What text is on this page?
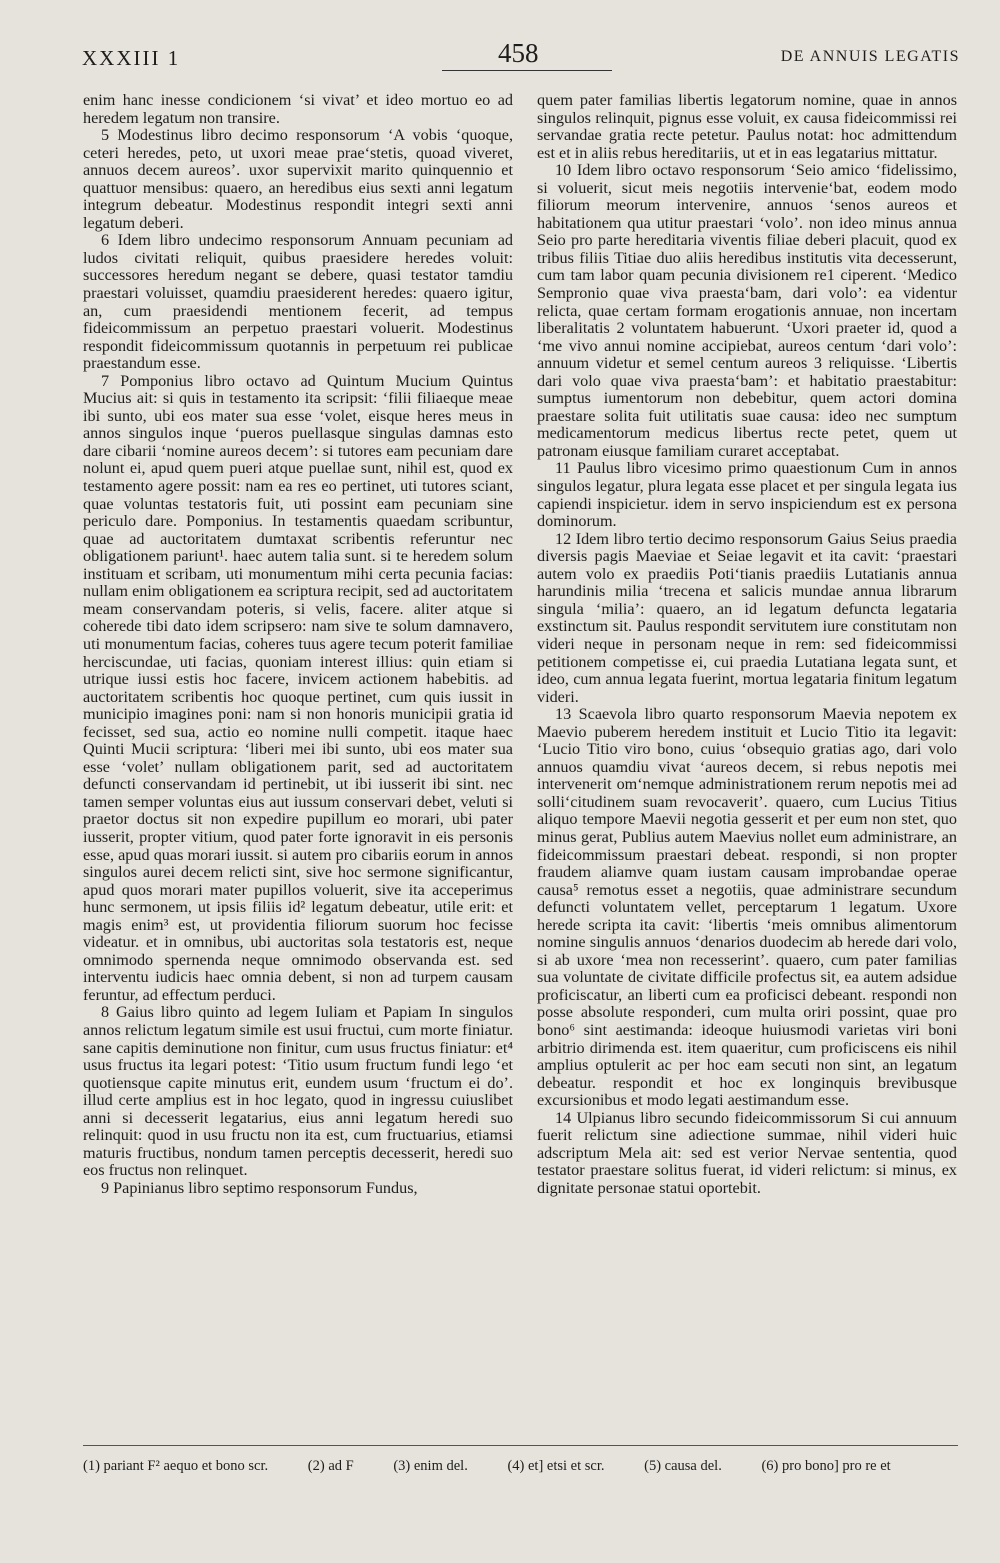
XXXIII 1	458	DE ANNUIS LEGATIS

enim hanc inesse condicionem ‘si vivat’ et ideo mortuo eo ad heredem legatum non transire.

5 Modestinus libro decimo responsorum ‘A vobis ‘quoque, ceteri heredes, peto, ut uxori meae prae‘stetis, quoad viveret, annuos decem aureos’. uxor supervixit marito quinquennio et quattuor mensibus: quaero, an heredibus eius sexti anni legatum integrum debeatur. Modestinus respondit integri sexti anni legatum deberi.

6 Idem libro undecimo responsorum Annuam pecuniam ad ludos civitati reliquit, quibus praesidere heredes voluit: successores heredum negant se debere, quasi testator tamdiu praestari voluisset, quamdiu praesiderent heredes: quaero igitur, an, cum praesidendi mentionem fecerit, ad tempus fideicommissum an perpetuo praestari voluerit. Modestinus respondit fideicommissum quotannis in perpetuum rei publicae praestandum esse.

7 Pomponius libro octavo ad Quintum Mucium Quintus Mucius ait: si quis in testamento ita scripsit: ‘filii filiaeque meae ibi sunto, ubi eos mater sua esse ‘volet, eisque heres meus in annos singulos inque ‘pueros puellasque singulas damnas esto dare cibarii ‘nomine aureos decem’: si tutores eam pecuniam dare nolunt ei, apud quem pueri atque puellae sunt, nihil est, quod ex testamento agere possit: nam ea res eo pertinet, uti tutores sciant, quae voluntas testatoris fuit, uti possint eam pecuniam sine periculo dare. Pomponius. In testamentis quaedam scribuntur, quae ad auctoritatem dumtaxat scribentis referuntur nec obligationem pariunt¹. haec autem talia sunt. si te heredem solum instituam et scribam, uti monumentum mihi certa pecunia facias: nullam enim obligationem ea scriptura recipit, sed ad auctoritatem meam conservandam poteris, si velis, facere. aliter atque si coherede tibi dato idem scripsero: nam sive te solum damnavero, uti monumentum facias, coheres tuus agere tecum poterit familiae herciscundae, uti facias, quoniam interest illius: quin etiam si utrique iussi estis hoc facere, invicem actionem habebitis. ad auctoritatem scribentis hoc quoque pertinet, cum quis iussit in municipio imagines poni: nam si non honoris municipii gratia id fecisset, sed sua, actio eo nomine nulli competit. itaque haec Quinti Mucii scriptura: ‘liberi mei ibi sunto, ubi eos mater sua esse ‘volet’ nullam obligationem parit, sed ad auctoritatem defuncti conservandam id pertinebit, ut ibi iusserit ibi sint. nec tamen semper voluntas eius aut iussum conservari debet, veluti si praetor doctus sit non expedire pupillum eo morari, ubi pater iusserit, propter vitium, quod pater forte ignoravit in eis personis esse, apud quas morari iussit. si autem pro cibariis eorum in annos singulos aurei decem relicti sint, sive hoc sermone significantur, apud quos morari mater pupillos voluerit, sive ita acceperimus hunc sermonem, ut ipsis filiis id² legatum debeatur, utile erit: et magis enim³ est, ut providentia filiorum suorum hoc fecisse videatur. et in omnibus, ubi auctoritas sola testatoris est, neque omnimodo spernenda neque omnimodo observanda est. sed interventu iudicis haec omnia debent, si non ad turpem causam feruntur, ad effectum perduci.

8 Gaius libro quinto ad legem Iuliam et Papiam In singulos annos relictum legatum simile est usui fructui, cum morte finiatur. sane capitis deminutione non finitur, cum usus fructus finiatur: et⁴ usus fructus ita legari potest: ‘Titio usum fructum fundi lego ‘et quotiensque capite minutus erit, eundem usum ‘fructum ei do’. illud certe amplius est in hoc legato, quod in ingressu cuiuslibet anni si decesserit legatarius, eius anni legatum heredi suo relinquit: quod in usu fructu non ita est, cum fructuarius, etiamsi maturis fructibus, nondum tamen perceptis decesserit, heredi suo eos fructus non relinquet.

9 Papinianus libro septimo responsorum Fundus,

quem pater familias libertis legatorum nomine, quae in annos singulos relinquit, pignus esse voluit, ex causa fideicommissi rei servandae gratia recte petetur. Paulus notat: hoc admittendum est et in aliis rebus hereditariis, ut et in eas legatarius mittatur.

10 Idem libro octavo responsorum ‘Seio amico ‘fidelissimo, si voluerit, sicut meis negotiis intervenie‘bat, eodem modo filiorum meorum intervenire, annuos ‘senos aureos et habitationem qua utitur praestari ‘volo’. non ideo minus annua Seio pro parte hereditaria viventis filiae deberi placuit, quod ex tribus filiis Titiae duo aliis heredibus institutis vita decesserunt, cum tam labor quam pecunia divisionem re1 ciperent. ‘Medico Sempronio quae viva praesta‘bam, dari volo’: ea videntur relicta, quae certam formam erogationis annuae, non incertam liberalitatis 2 voluntatem habuerunt. ‘Uxori praeter id, quod a ‘me vivo annui nomine accipiebat, aureos centum ‘dari volo’: annuum videtur et semel centum aureos 3 reliquisse. ‘Libertis dari volo quae viva praesta‘bam’: et habitatio praestabitur: sumptus iumentorum non debebitur, quem actori domina praestare solita fuit utilitatis suae causa: ideo nec sumptum medicamentorum medicus libertus recte petet, quem ut patronam eiusque familiam curaret acceptabat.

11 Paulus libro vicesimo primo quaestionum Cum in annos singulos legatur, plura legata esse placet et per singula legata ius capiendi inspicietur. idem in servo inspiciendum est ex persona dominorum.

12 Idem libro tertio decimo responsorum Gaius Seius praedia diversis pagis Maeviae et Seiae legavit et ita cavit: ‘praestari autem volo ex praediis Poti‘tianis praediis Lutatianis annua harundinis milia ‘trecena et salicis mundae annua librarum singula ‘milia’: quaero, an id legatum defuncta legataria exstinctum sit. Paulus respondit servitutem iure constitutam non videri neque in personam neque in rem: sed fideicommissi petitionem competisse ei, cui praedia Lutatiana legata sunt, et ideo, cum annua legata fuerint, mortua legataria finitum legatum videri.

13 Scaevola libro quarto responsorum Maevia nepotem ex Maevio puberem heredem instituit et Lucio Titio ita legavit: ‘Lucio Titio viro bono, cuius ‘obsequio gratias ago, dari volo annuos quamdiu vivat ‘aureos decem, si rebus nepotis mei intervenerit om‘nemque administrationem rerum nepotis mei ad solli‘citudinem suam revocaverit’. quaero, cum Lucius Titius aliquo tempore Maevii negotia gesserit et per eum non stet, quo minus gerat, Publius autem Maevius nollet eum administrare, an fideicommissum praestari debeat. respondi, si non propter fraudem aliamve quam iustam causam improbandae operae causa⁵ remotus esset a negotiis, quae administrare secundum defuncti voluntatem vellet, perceptarum 1 legatum. Uxore herede scripta ita cavit: ‘libertis ‘meis omnibus alimentorum nomine singulis annuos ‘denarios duodecim ab herede dari volo, si ab uxore ‘mea non recesserint’. quaero, cum pater familias sua voluntate de civitate difficile profectus sit, ea autem adsidue proficiscatur, an liberti cum ea proficisci debeant. respondi non posse absolute responderi, cum multa oriri possint, quae pro bono⁶ sint aestimanda: ideoque huiusmodi varietas viri boni arbitrio dirimenda est. item quaeritur, cum proficiscens eis nihil amplius optulerit ac per hoc eam secuti non sint, an legatum debeatur. respondit et hoc ex longinquis brevibusque excursionibus et modo legati aestimandum esse.

14 Ulpianus libro secundo fideicommissorum Si cui annuum fuerit relictum sine adiectione summae, nihil videri huic adscriptum Mela ait: sed est verior Nervae sententia, quod testator praestare solitus fuerat, id videri relictum: si minus, ex dignitate personae statui oportebit.

(1) pariant F² aequo et bono scr.	(2) ad F	(3) enim del.	(4) et] etsi et scr.	(5) causa del.	(6) pro bono] pro re et
